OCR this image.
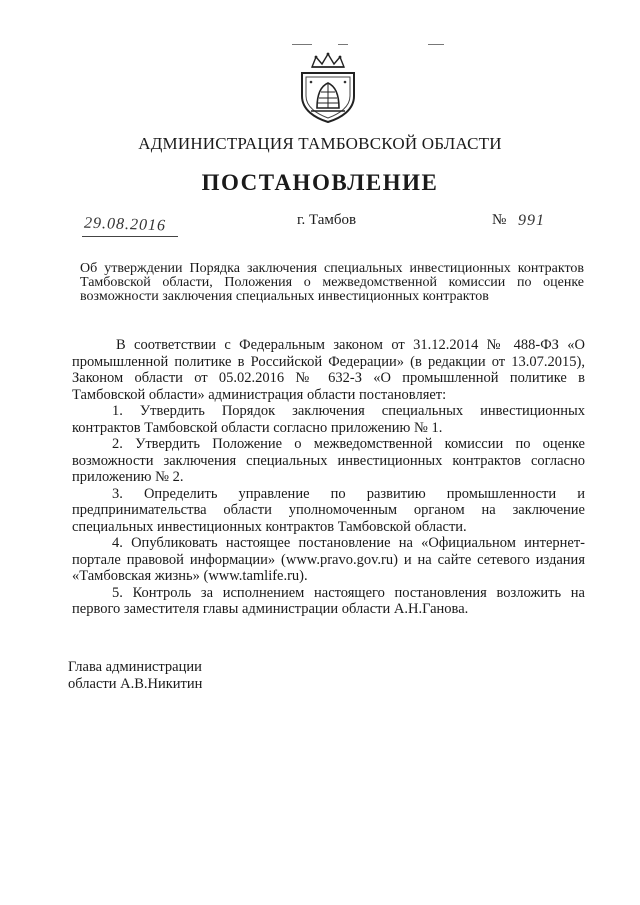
АДМИНИСТРАЦИЯ ТАМБОВСКОЙ ОБЛАСТИ
ПОСТАНОВЛЕНИЕ
29.08.2016	г. Тамбов	№ 991
Об утверждении Порядка заключения специальных инвестиционных контрактов Тамбовской области, Положения о межведомственной комиссии по оценке возможности заключения специальных инвестиционных контрактов

В соответствии с Федеральным законом от 31.12.2014 № 488-ФЗ «О промышленной политике в Российской Федерации» (в редакции от 13.07.2015), Законом области от 05.02.2016 № 632-З «О промышленной политике в Тамбовской области» администрация области постановляет:

1. Утвердить Порядок заключения специальных инвестиционных контрактов Тамбовской области согласно приложению № 1.

2. Утвердить Положение о межведомственной комиссии по оценке возможности заключения специальных инвестиционных контрактов согласно приложению № 2.

3. Определить управление по развитию промышленности и предпринимательства области уполномоченным органом на заключение специальных инвестиционных контрактов Тамбовской области.

4. Опубликовать настоящее постановление на «Официальном интернет-портале правовой информации» (www.pravo.gov.ru) и на сайте сетевого издания «Тамбовская жизнь» (www.tamlife.ru).

5. Контроль за исполнением настоящего постановления возложить на первого заместителя главы администрации области А.Н.Ганова.

Глава администрации
области А.В.Никитин
